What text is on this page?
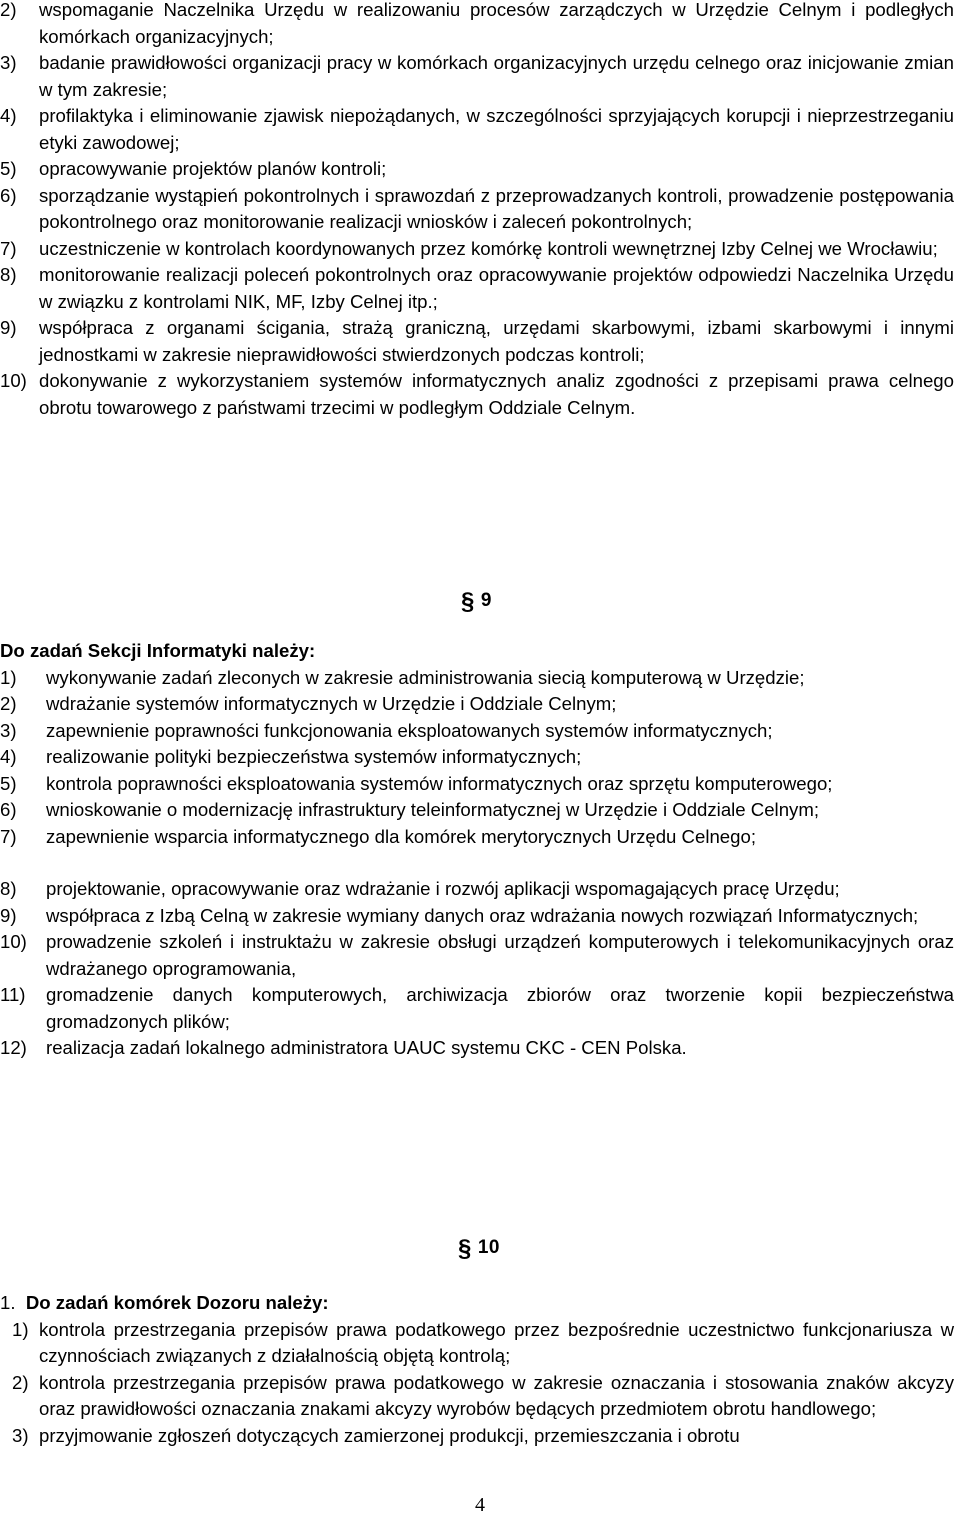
2)	wspomaganie Naczelnika Urzędu w realizowaniu procesów zarządczych w Urzędzie Celnym i podległych komórkach organizacyjnych;
3)	badanie prawidłowości organizacji pracy w komórkach organizacyjnych urzędu celnego oraz inicjowanie zmian w tym zakresie;
4)	profilaktyka i eliminowanie zjawisk niepożądanych, w szczególności sprzyjających korupcji i nieprzestrzeganiu etyki zawodowej;
5)	opracowywanie projektów planów kontroli;
6)	sporządzanie wystąpień pokontrolnych i sprawozdań z przeprowadzanych kontroli, prowadzenie postępowania pokontrolnego oraz monitorowanie realizacji wniosków i zaleceń pokontrolnych;
7)	uczestniczenie w kontrolach koordynowanych przez komórkę kontroli wewnętrznej Izby Celnej we Wrocławiu;
8)	monitorowanie realizacji poleceń pokontrolnych oraz opracowywanie projektów odpowiedzi Naczelnika Urzędu w związku z kontrolami NIK, MF, Izby Celnej itp.;
9)	współpraca z organami ścigania, strażą graniczną, urzędami skarbowymi, izbami skarbowymi i innymi jednostkami w zakresie nieprawidłowości stwierdzonych podczas kontroli;
10) dokonywanie z wykorzystaniem systemów informatycznych analiz zgodności z przepisami prawa celnego obrotu towarowego z państwami trzecimi w podległym Oddziale Celnym.
§ 9
Do zadań Sekcji Informatyki należy:
1)	wykonywanie zadań zleconych w zakresie administrowania siecią komputerową w Urzędzie;
2)	wdrażanie systemów informatycznych w Urzędzie i Oddziale Celnym;
3)	zapewnienie poprawności funkcjonowania eksploatowanych systemów informatycznych;
4)	realizowanie polityki bezpieczeństwa systemów informatycznych;
5)	kontrola poprawności eksploatowania systemów informatycznych oraz sprzętu komputerowego;
6)	wnioskowanie o modernizację infrastruktury teleinformatycznej w Urzędzie i Oddziale Celnym;
7)	zapewnienie wsparcia informatycznego dla komórek merytorycznych Urzędu Celnego;
8)	projektowanie, opracowywanie oraz wdrażanie i rozwój aplikacji wspomagających pracę Urzędu;
9)	współpraca z Izbą Celną w zakresie wymiany danych oraz wdrażania nowych rozwiązań Informatycznych;
10)	prowadzenie szkoleń i instruktażu w zakresie obsługi urządzeń komputerowych i telekomunikacyjnych oraz wdrażanego oprogramowania,
11)	gromadzenie danych komputerowych, archiwizacja zbiorów oraz tworzenie kopii bezpieczeństwa gromadzonych plików;
12)	realizacja zadań lokalnego administratora UAUC systemu CKC - CEN Polska.
§ 10
1. Do zadań komórek Dozoru należy:
1) kontrola przestrzegania przepisów prawa podatkowego przez bezpośrednie uczestnictwo funkcjonariusza w czynnościach związanych z działalnością objętą kontrolą;
2) kontrola przestrzegania przepisów prawa podatkowego w zakresie oznaczania i stosowania znaków akcyzy oraz prawidłowości oznaczania znakami akcyzy wyrobów będących przedmiotem obrotu handlowego;
3) przyjmowanie zgłoszeń dotyczących zamierzonej produkcji, przemieszczania i obrotu
4
